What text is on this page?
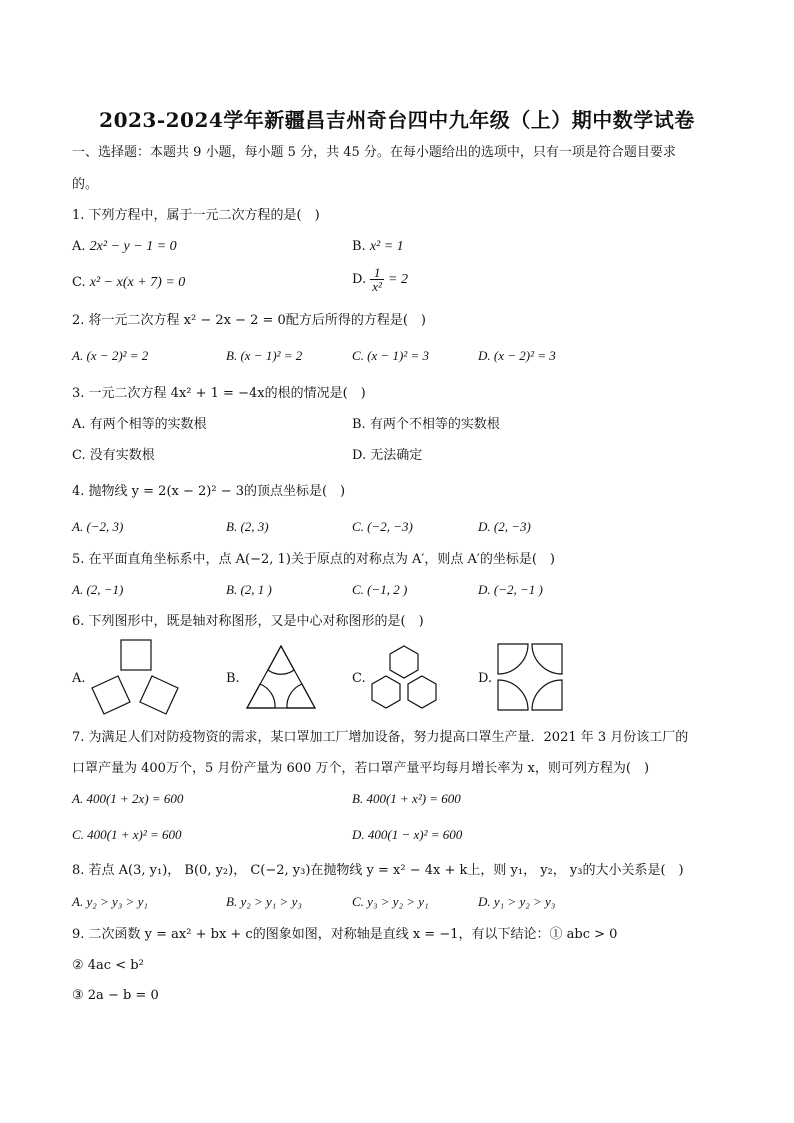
2023-2024学年新疆昌吉州奇台四中九年级（上）期中数学试卷
一、选择题：本题共 9 小题，每小题 5 分，共 45 分。在每小题给出的选项中，只有一项是符合题目要求
的。
1. 下列方程中，属于一元二次方程的是(　)
A. 2x² − y − 1 = 0	B. x² = 1
C. x² − x(x + 7) = 0	D. $\frac{1}{\text{x²}} = 2$
2. 将一元二次方程 x² − 2x − 2 = 0配方后所得的方程是(　)
A. (x − 2)² = 2	B. (x − 1)² = 2	C. (x − 1)² = 3	D. (x − 2)² = 3
3. 一元二次方程 4x² + 1 = −4x的根的情况是(　)
A. 有两个相等的实数根	B. 有两个不相等的实数根
C. 没有实数根	D. 无法确定
4. 抛物线 y = 2(x − 2)² − 3的顶点坐标是(　)
A. (−2, 3)	B. (2, 3)	C. (−2, −3)	D. (2, −3)
5. 在平面直角坐标系中，点 A(−2, 1)关于原点的对称点为 A′，则点 A′的坐标是(　)
A. (2, −1)	B. (2, 1 )	C. (−1, 2 )	D. (−2, −1 )
6. 下列图形中，既是轴对称图形，又是中心对称图形的是(　)
A.	B.	C.	D.
7. 为满足人们对防疫物资的需求，某口罩加工厂增加设备，努力提高口罩生产量．2021 年 3 月份该工厂的
口罩产量为 400万个，5 月份产量为 600 万个，若口罩产量平均每月增长率为 x，则可列方程为(　)
A. 400(1 + 2x) = 600	B. 400(1 + x²) = 600
C. 400(1 + x)² = 600	D. 400(1 − x)² = 600
8. 若点 A(3, y₁)， B(0, y₂)， C(−2, y₃)在抛物线 y = x² − 4x + k上，则 y₁， y₂， y₃的大小关系是(　)
A. y₂ > y₃ > y₁	B. y₂ > y₁ > y₃	C. y₃ > y₂ > y₁	D. y₁ > y₂ > y₃
9. 二次函数 y = ax² + bx + c的图象如图，对称轴是直线 x = −1，有以下结论：① abc > 0
② 4ac < b²
③ 2a − b = 0
